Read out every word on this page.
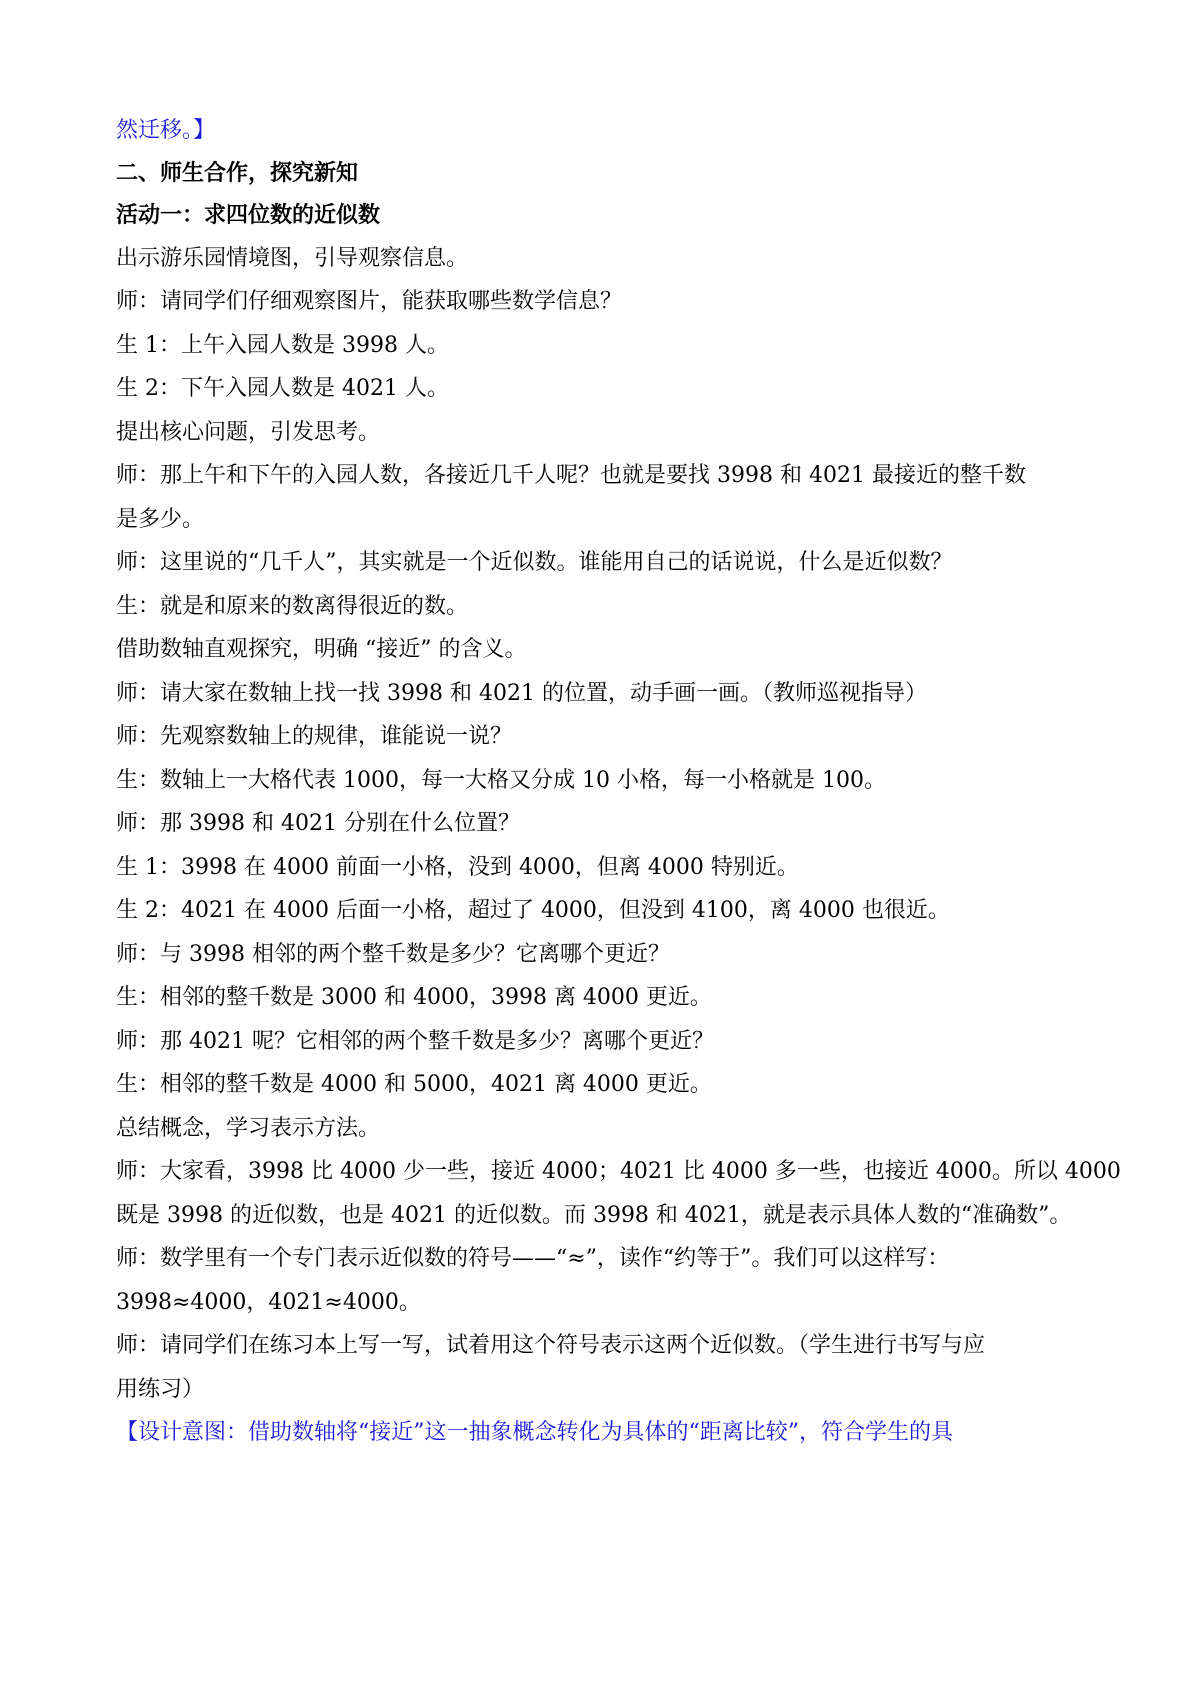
然迁移。】
二、师生合作，探究新知
活动一：求四位数的近似数
出示游乐园情境图，引导观察信息。
师：请同学们仔细观察图片，能获取哪些数学信息？
生 1：上午入园人数是 3998 人。
生 2：下午入园人数是 4021 人。
提出核心问题，引发思考。
师：那上午和下午的入园人数，各接近几千人呢？也就是要找 3998 和 4021 最接近的整千数
是多少。
师：这里说的“几千人”，其实就是一个近似数。谁能用自己的话说说，什么是近似数？
生：就是和原来的数离得很近的数。
借助数轴直观探究，明确 “接近” 的含义。
师：请大家在数轴上找一找 3998 和 4021 的位置，动手画一画。（教师巡视指导）
师：先观察数轴上的规律，谁能说一说？
生：数轴上一大格代表 1000，每一大格又分成 10 小格，每一小格就是 100。
师：那 3998 和 4021 分别在什么位置？
生 1：3998 在 4000 前面一小格，没到 4000，但离 4000 特别近。
生 2：4021 在 4000 后面一小格，超过了 4000，但没到 4100，离 4000 也很近。
师：与 3998 相邻的两个整千数是多少？它离哪个更近？
生：相邻的整千数是 3000 和 4000，3998 离 4000 更近。
师：那 4021 呢？它相邻的两个整千数是多少？离哪个更近？
生：相邻的整千数是 4000 和 5000，4021 离 4000 更近。
总结概念，学习表示方法。
师：大家看，3998 比 4000 少一些，接近 4000；4021 比 4000 多一些，也接近 4000。所以 4000
既是 3998 的近似数，也是 4021 的近似数。而 3998 和 4021，就是表示具体人数的“准确数”。
师：数学里有一个专门表示近似数的符号——“≈”，读作“约等于”。我们可以这样写：
3998≈4000，4021≈4000。
师：请同学们在练习本上写一写，试着用这个符号表示这两个近似数。（学生进行书写与应
用练习）
【设计意图：借助数轴将“接近”这一抽象概念转化为具体的“距离比较”，符合学生的具
